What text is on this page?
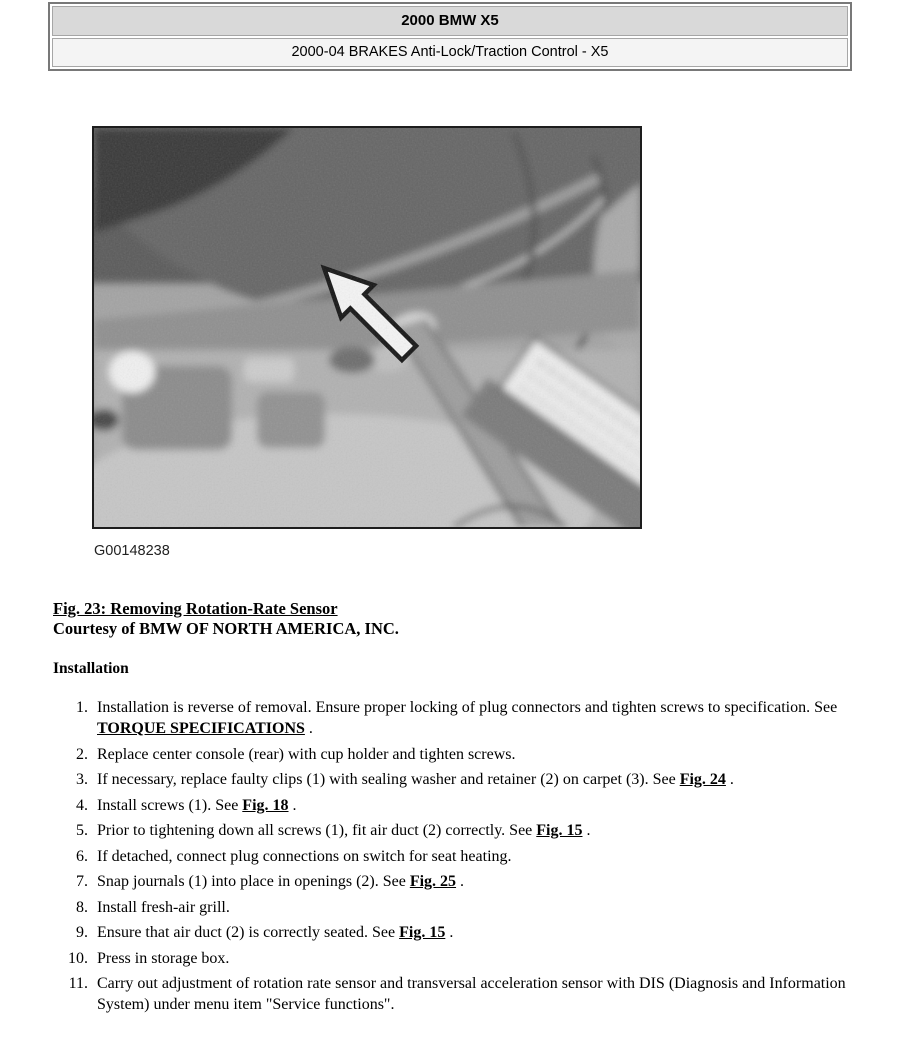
2000 BMW X5
2000-04 BRAKES Anti-Lock/Traction Control - X5
G00148238
Fig. 23: Removing Rotation-Rate Sensor
Courtesy of BMW OF NORTH AMERICA, INC.
Installation
1. Installation is reverse of removal. Ensure proper locking of plug connectors and tighten screws to specification. See TORQUE SPECIFICATIONS .
2. Replace center console (rear) with cup holder and tighten screws.
3. If necessary, replace faulty clips (1) with sealing washer and retainer (2) on carpet (3). See Fig. 24 .
4. Install screws (1). See Fig. 18 .
5. Prior to tightening down all screws (1), fit air duct (2) correctly. See Fig. 15 .
6. If detached, connect plug connections on switch for seat heating.
7. Snap journals (1) into place in openings (2). See Fig. 25 .
8. Install fresh-air grill.
9. Ensure that air duct (2) is correctly seated. See Fig. 15 .
10. Press in storage box.
11. Carry out adjustment of rotation rate sensor and transversal acceleration sensor with DIS (Diagnosis and Information System) under menu item "Service functions".
